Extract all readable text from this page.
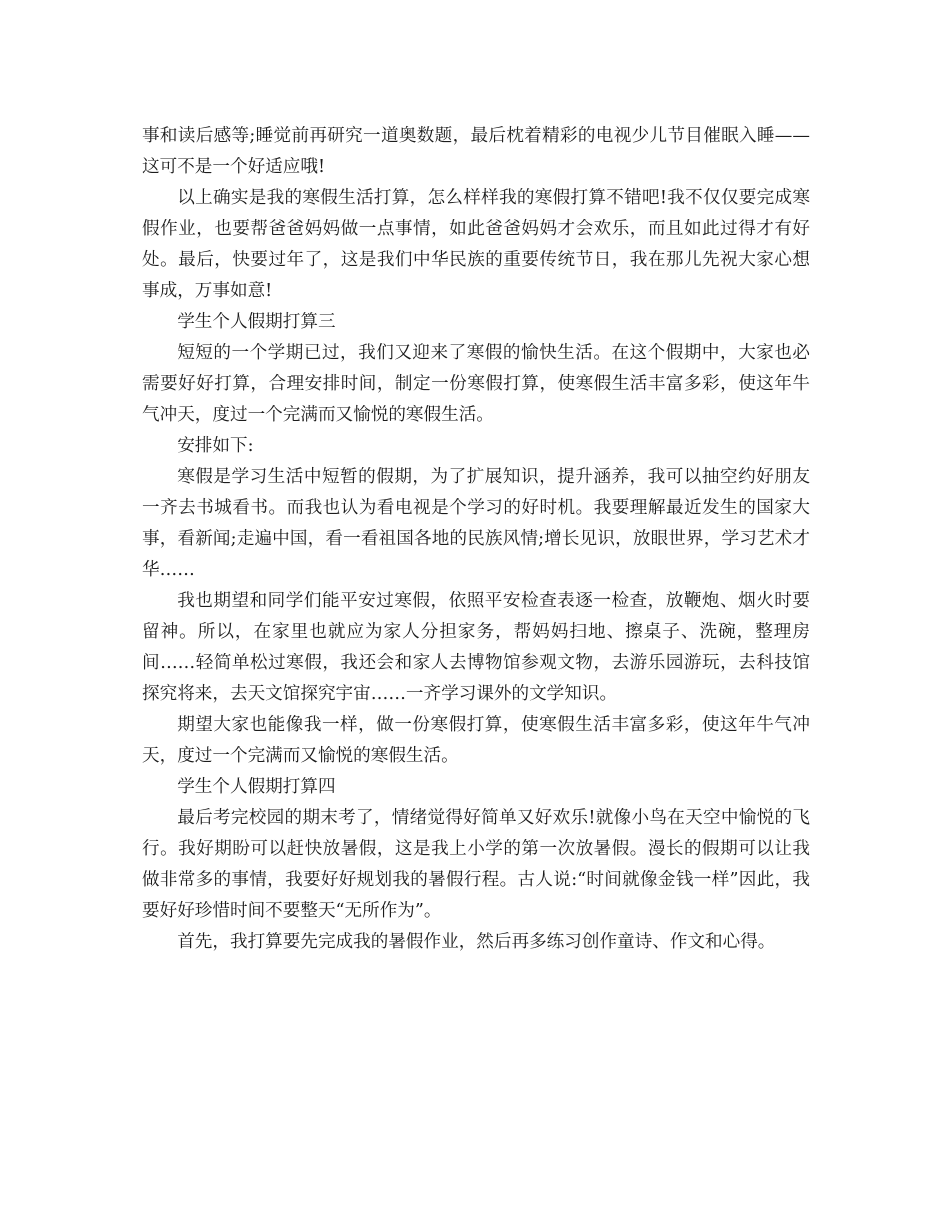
事和读后感等;睡觉前再研究一道奥数题，最后枕着精彩的电视少儿节目催眠入睡——这可不是一个好适应哦!

以上确实是我的寒假生活打算，怎么样样我的寒假打算不错吧!我不仅仅要完成寒假作业，也要帮爸爸妈妈做一点事情，如此爸爸妈妈才会欢乐，而且如此过得才有好处。最后，快要过年了，这是我们中华民族的重要传统节日，我在那儿先祝大家心想事成，万事如意!

学生个人假期打算三

短短的一个学期已过，我们又迎来了寒假的愉快生活。在这个假期中，大家也必需要好好打算，合理安排时间，制定一份寒假打算，使寒假生活丰富多彩，使这年牛气冲天，度过一个完满而又愉悦的寒假生活。

安排如下:

寒假是学习生活中短暂的假期，为了扩展知识，提升涵养，我可以抽空约好朋友一齐去书城看书。而我也认为看电视是个学习的好时机。我要理解最近发生的国家大事，看新闻;走遍中国，看一看祖国各地的民族风情;增长见识，放眼世界，学习艺术才华……

我也期望和同学们能平安过寒假，依照平安检查表逐一检查，放鞭炮、烟火时要留神。所以，在家里也就应为家人分担家务，帮妈妈扫地、擦桌子、洗碗，整理房间……轻简单松过寒假，我还会和家人去博物馆参观文物，去游乐园游玩，去科技馆探究将来，去天文馆探究宇宙……一齐学习课外的文学知识。

期望大家也能像我一样，做一份寒假打算，使寒假生活丰富多彩，使这年牛气冲天，度过一个完满而又愉悦的寒假生活。

学生个人假期打算四

最后考完校园的期末考了，情绪觉得好简单又好欢乐!就像小鸟在天空中愉悦的飞行。我好期盼可以赶快放暑假，这是我上小学的第一次放暑假。漫长的假期可以让我做非常多的事情，我要好好规划我的暑假行程。古人说:“时间就像金钱一样”因此，我要好好珍惜时间不要整天“无所作为”。

首先，我打算要先完成我的暑假作业，然后再多练习创作童诗、作文和心得。
